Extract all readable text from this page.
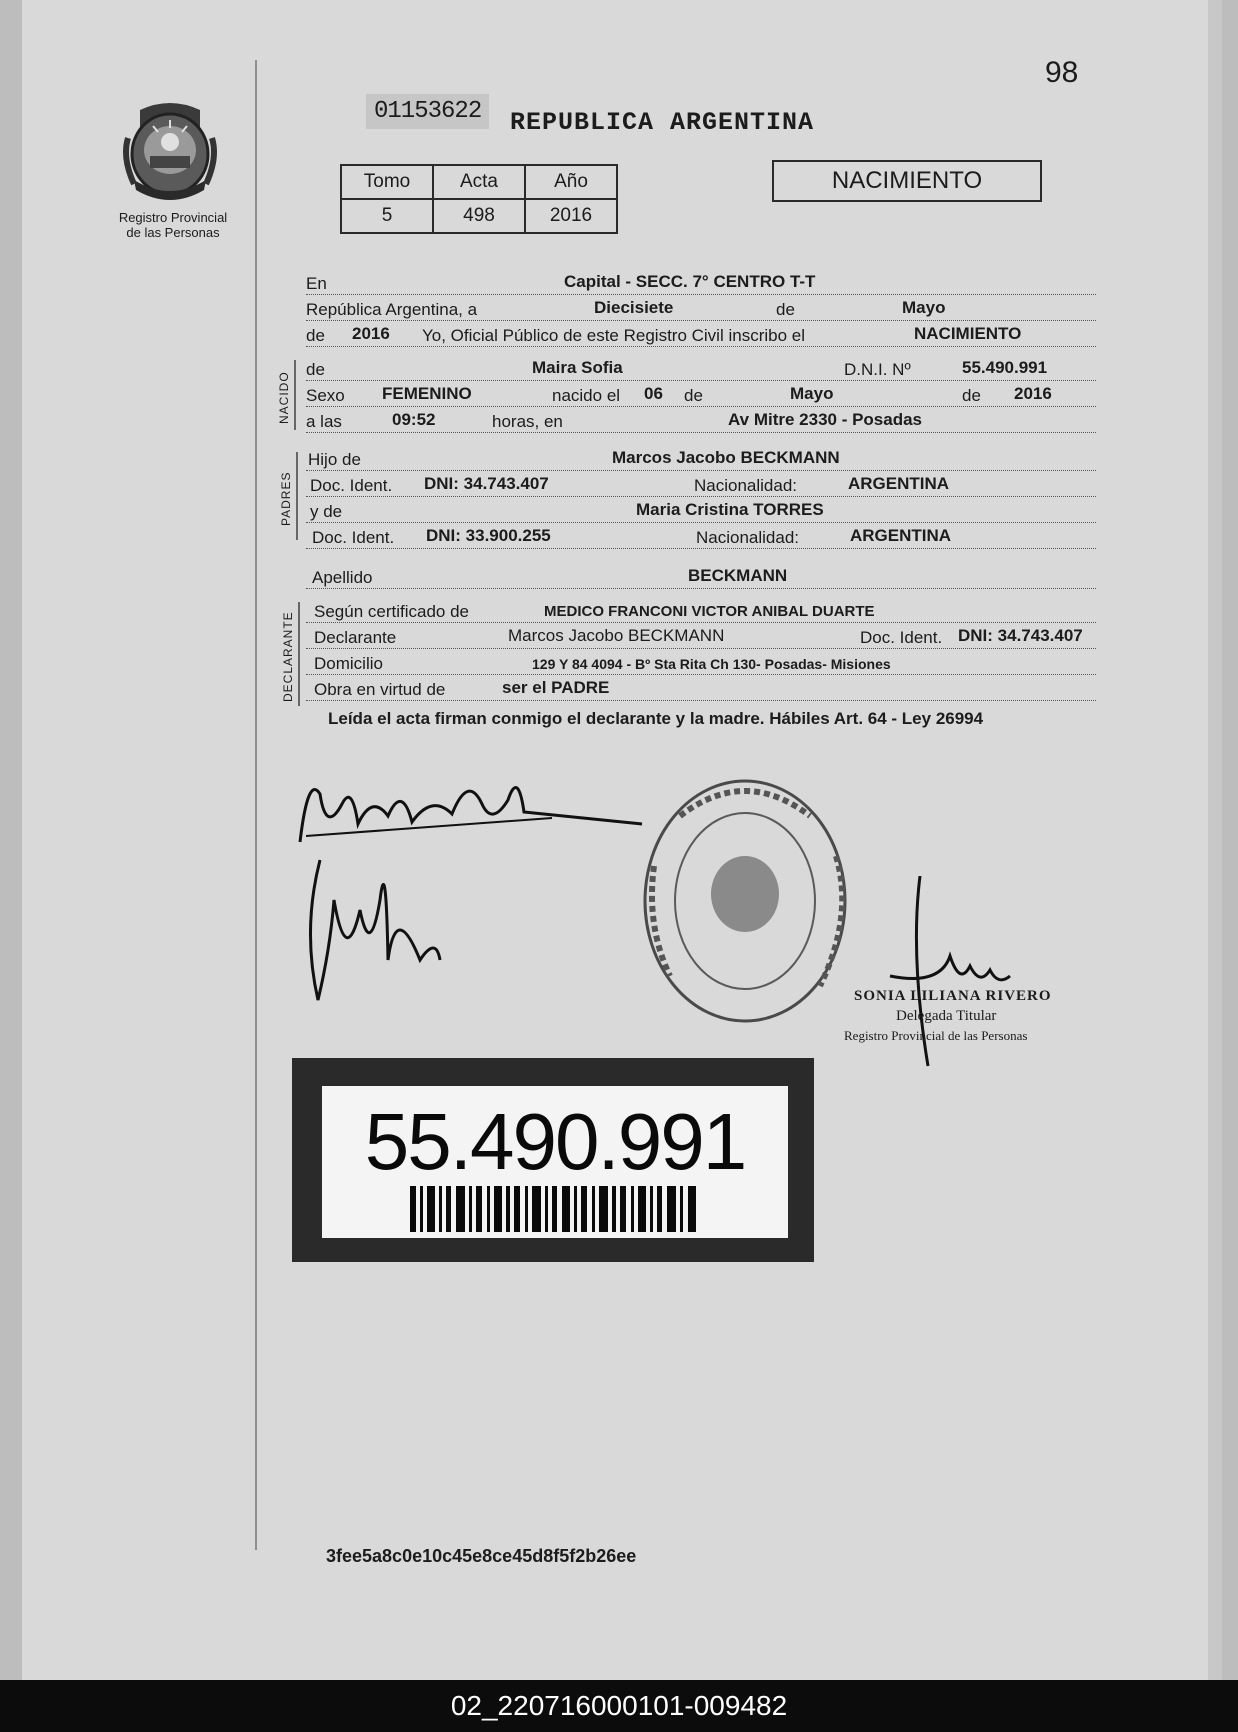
98
Registro Provincial
de las Personas
01153622	REPUBLICA ARGENTINA
Tomo	Acta	Año
5	498	2016
NACIMIENTO
NACIDO
PADRES
DECLARANTE
En	Capital - SECC. 7° CENTRO T-T
República Argentina, a	Diecisiete	de	Mayo
de 2016 Yo, Oficial Público de este Registro Civil inscribo el	NACIMIENTO
de	Maira Sofia	D.N.I. Nº	55.490.991
Sexo FEMENINO	nacido el 06 de	Mayo	de 2016
a las	09:52	horas, en	Av Mitre 2330 - Posadas
Hijo de	Marcos Jacobo BECKMANN
Doc. Ident. DNI: 34.743.407	Nacionalidad:	ARGENTINA
y de	Maria Cristina TORRES
Doc. Ident. DNI: 33.900.255	Nacionalidad:	ARGENTINA
Apellido	BECKMANN
Según certificado de	MEDICO FRANCONI VICTOR ANIBAL DUARTE
Declarante	Marcos Jacobo BECKMANN	Doc. Ident. DNI: 34.743.407
Domicilio	129 Y 84 4094 - Bº Sta Rita Ch 130- Posadas- Misiones
Obra en virtud de	ser el PADRE
Leída el acta firman conmigo el declarante y la madre. Hábiles Art. 64 - Ley 26994
SONIA LILIANA RIVERO
Delegada Titular
Registro Provincial de las Personas
55.490.991
3fee5a8c0e10c45e8ce45d8f5f2b26ee
02_220716000101-009482
